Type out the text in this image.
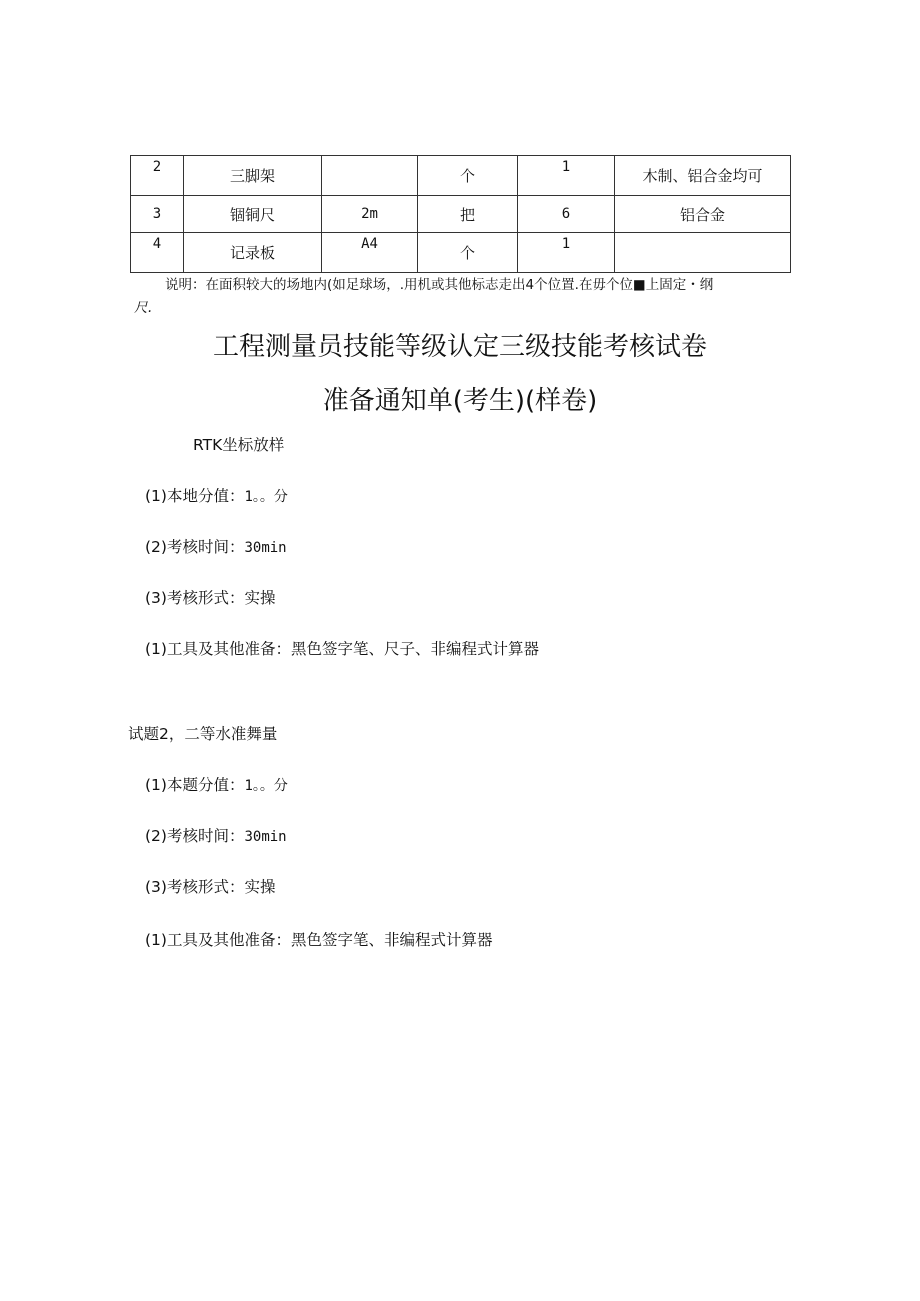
2	三脚架		个	1	木制、铝合金均可
3	锢铜尺	2m	把	6	铝合金
4	记录板	A4	个	1	
说明：在面积较大的场地内(如足球场，.用机或其他标志走出4个位置.在毋个位■上固定・纲
尺.
工程测量员技能等级认定三级技能考核试卷
准备通知单(考生)(样卷)
RTK坐标放样
(1)本地分值：1。。分
(2)考核时间：30min
(3)考核形式：实操
(1)工具及其他准备：黑色签字笔、尺子、非编程式计算器
试题2，二等水准舞量
(1)本题分值：1。。分
(2)考核时间：30min
(3)考核形式：实操
(1)工具及其他准备：黑色签字笔、非编程式计算器
